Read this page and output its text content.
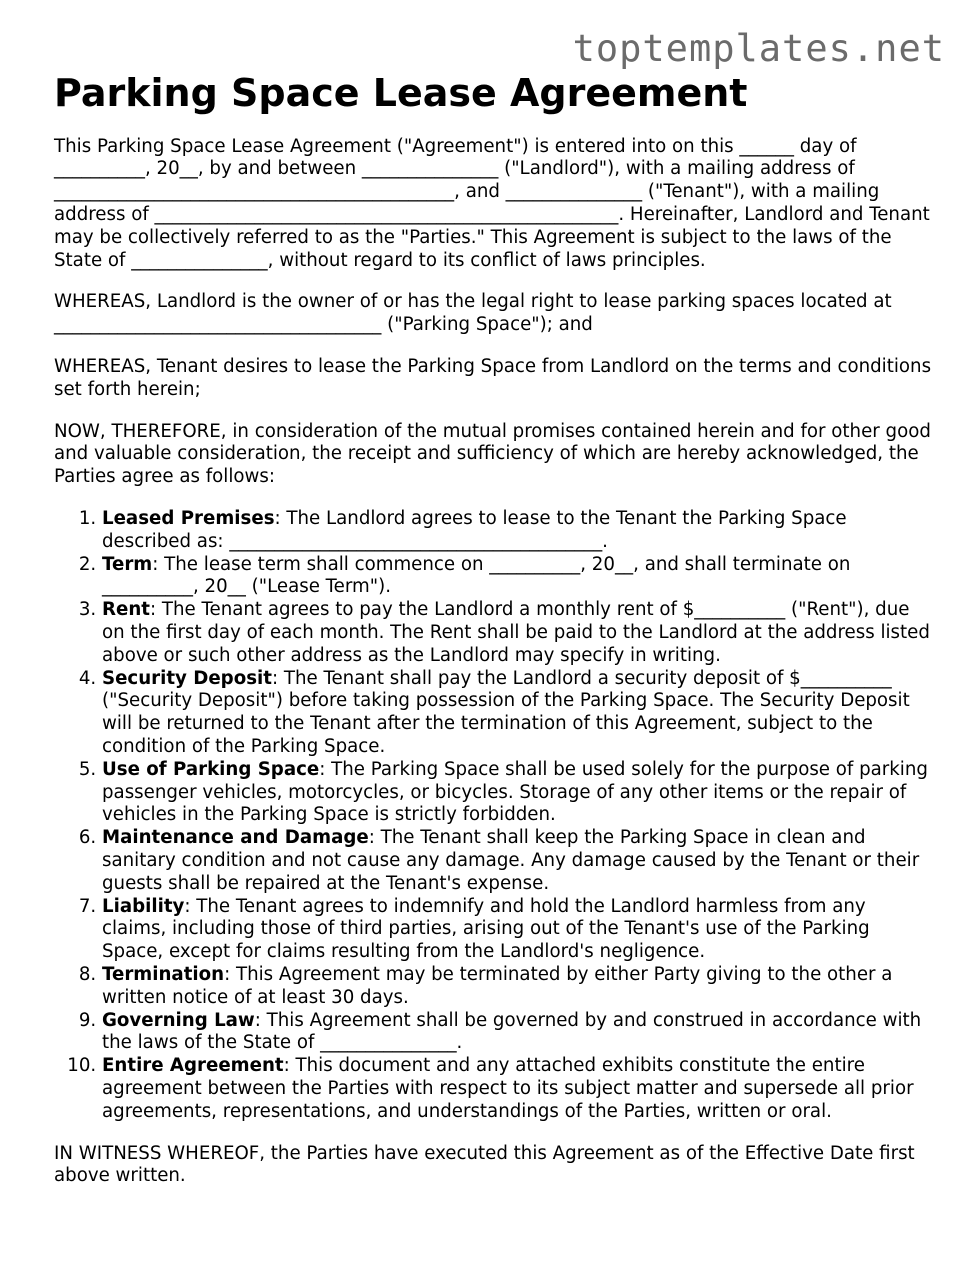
toptemplates.net
Parking Space Lease Agreement

This Parking Space Lease Agreement ("Agreement") is entered into on this ______ day of __________, 20__, by and between _______________ ("Landlord"), with a mailing address of ____________________________________________, and _______________ ("Tenant"), with a mailing address of ___________________________________________________. Hereinafter, Landlord and Tenant may be collectively referred to as the "Parties." This Agreement is subject to the laws of the State of _______________, without regard to its conflict of laws principles.

WHEREAS, Landlord is the owner of or has the legal right to lease parking spaces located at ____________________________________ ("Parking Space"); and

WHEREAS, Tenant desires to lease the Parking Space from Landlord on the terms and conditions set forth herein;

NOW, THEREFORE, in consideration of the mutual promises contained herein and for other good and valuable consideration, the receipt and sufficiency of which are hereby acknowledged, the Parties agree as follows:

1. Leased Premises: The Landlord agrees to lease to the Tenant the Parking Space described as: _________________________________________.
2. Term: The lease term shall commence on __________, 20__, and shall terminate on __________, 20__ ("Lease Term").
3. Rent: The Tenant agrees to pay the Landlord a monthly rent of $__________ ("Rent"), due on the first day of each month. The Rent shall be paid to the Landlord at the address listed above or such other address as the Landlord may specify in writing.
4. Security Deposit: The Tenant shall pay the Landlord a security deposit of $__________ ("Security Deposit") before taking possession of the Parking Space. The Security Deposit will be returned to the Tenant after the termination of this Agreement, subject to the condition of the Parking Space.
5. Use of Parking Space: The Parking Space shall be used solely for the purpose of parking passenger vehicles, motorcycles, or bicycles. Storage of any other items or the repair of vehicles in the Parking Space is strictly forbidden.
6. Maintenance and Damage: The Tenant shall keep the Parking Space in clean and sanitary condition and not cause any damage. Any damage caused by the Tenant or their guests shall be repaired at the Tenant's expense.
7. Liability: The Tenant agrees to indemnify and hold the Landlord harmless from any claims, including those of third parties, arising out of the Tenant's use of the Parking Space, except for claims resulting from the Landlord's negligence.
8. Termination: This Agreement may be terminated by either Party giving to the other a written notice of at least 30 days.
9. Governing Law: This Agreement shall be governed by and construed in accordance with the laws of the State of _______________.
10. Entire Agreement: This document and any attached exhibits constitute the entire agreement between the Parties with respect to its subject matter and supersede all prior agreements, representations, and understandings of the Parties, written or oral.

IN WITNESS WHEREOF, the Parties have executed this Agreement as of the Effective Date first above written.
